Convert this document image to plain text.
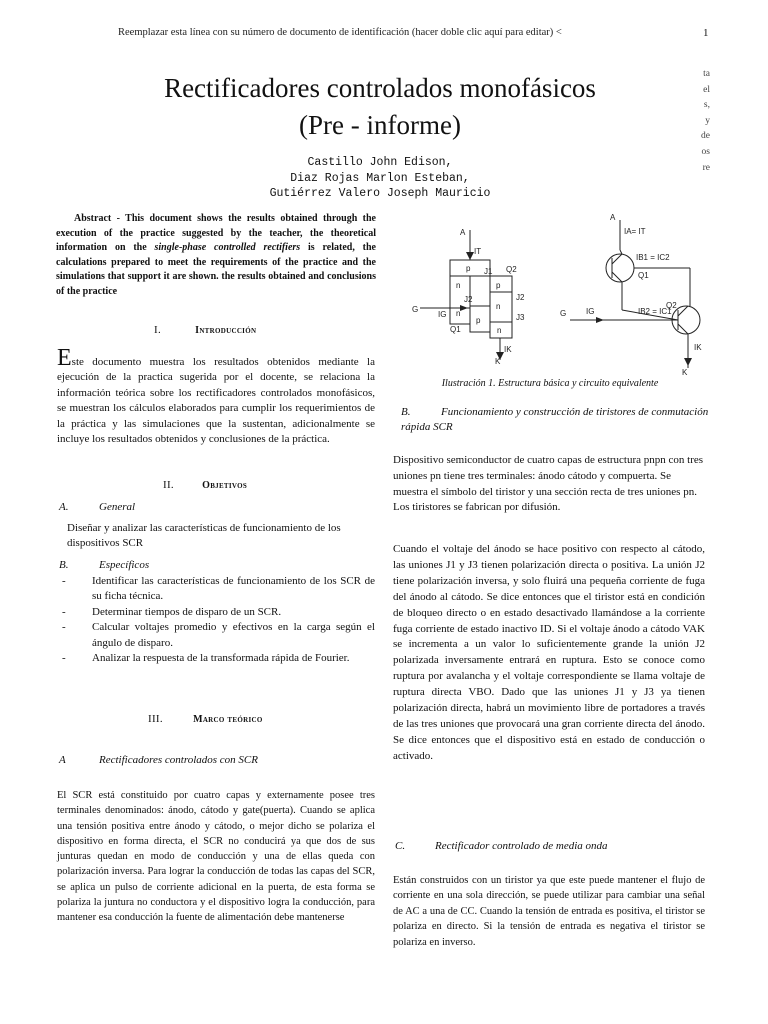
Reemplazar esta línea con su número de documento de identificación (hacer doble clic aquí para editar) <	1
ta
el
s,
y
de
os
re
Rectificadores controlados monofásicos
(Pre - informe)
Castillo John Edison,
Diaz Rojas Marlon Esteban,
Gutiérrez Valero Joseph Mauricio
Abstract - This document shows the results obtained through the execution of the practice suggested by the teacher, the theoretical information on the single-phase controlled rectifiers is related, the calculations prepared to meet the requirements of the practice and the simulations that support it are shown. the results obtained and conclusions of the practice
I.	Introducción
Este documento muestra los resultados obtenidos mediante la ejecución de la practica sugerida por el docente, se relaciona la información teórica sobre los rectificadores controlados monofásicos, se muestran los cálculos elaborados para cumplir los requerimientos de la práctica y las simulaciones que la sustentan, adicionalmente se incluye los resultados obtenidos y conclusiones de la práctica.
II.	Objetivos
A.	General
Diseñar y analizar las características de funcionamiento de los dispositivos SCR
B.	Específicos
- Identificar las características de funcionamiento de los SCR de su ficha técnica.
- Determinar tiempos de disparo de un SCR.
- Calcular voltajes promedio y efectivos en la carga según el ángulo de disparo.
- Analizar la respuesta de la transformada rápida de Fourier.
III.	Marco teórico
A	Rectificadores controlados con SCR
El SCR está constituido por cuatro capas y externamente posee tres terminales denominados: ánodo, cátodo y gate(puerta). Cuando se aplica una tensión positiva entre ánodo y cátodo, o mejor dicho se polariza el dispositivo en forma directa, el SCR no conducirá ya que dos de sus junturas quedan en modo de conducción y una de ellas queda con polarización inversa. Para lograr la conducción de todas las capas del SCR, se aplica un pulso de corriente adicional en la puerta, de esta forma se polariza la juntura no conductora y el dispositivo logra la conducción, para mantener esa conducción la fuente de alimentación debe mantenerse
A
IT
p
n	p
n
n
p
n
J1
J2	J2
J3
Q2
Q1
G
IG
IK
K
A
IA= IT
IB1 = IC2
Q1
IB2 = IC1
Q2
G IG
IK
K
Ilustración 1. Estructura básica y circuito equivalente
B.	Funcionamiento y construcción de tiristores de conmutación rápida SCR
Dispositivo semiconductor de cuatro capas de estructura pnpn con tres uniones pn tiene tres terminales: ánodo cátodo y compuerta. Se muestra el símbolo del tiristor y una sección recta de tres uniones pn. Los tiristores se fabrican por difusión.
Cuando el voltaje del ánodo se hace positivo con respecto al cátodo, las uniones J1 y J3 tienen polarización directa o positiva. La unión J2 tiene polarización inversa, y solo fluirá una pequeña corriente de fuga del ánodo al cátodo. Se dice entonces que el tiristor está en condición de bloqueo directo o en estado desactivado llamándose a la corriente fuga corriente de estado inactivo ID. Si el voltaje ánodo a cátodo VAK se incrementa a un valor lo suficientemente grande la unión J2 polarizada inversamente entrará en ruptura. Esto se conoce como ruptura por avalancha y el voltaje correspondiente se llama voltaje de ruptura directa VBO. Dado que las uniones J1 y J3 ya tienen polarización directa, habrá un movimiento libre de portadores a través de las tres uniones que provocará una gran corriente directa del ánodo. Se dice entonces que el dispositivo está en estado de conducción o activado.
C.	Rectificador controlado de media onda
Están construidos con un tiristor ya que este puede mantener el flujo de corriente en una sola dirección, se puede utilizar para cambiar una señal de AC a una de CC. Cuando la tensión de entrada es positiva, el tiristor se polariza en directo. Si la tensión de entrada es negativa el tiristor se polariza en inverso.
